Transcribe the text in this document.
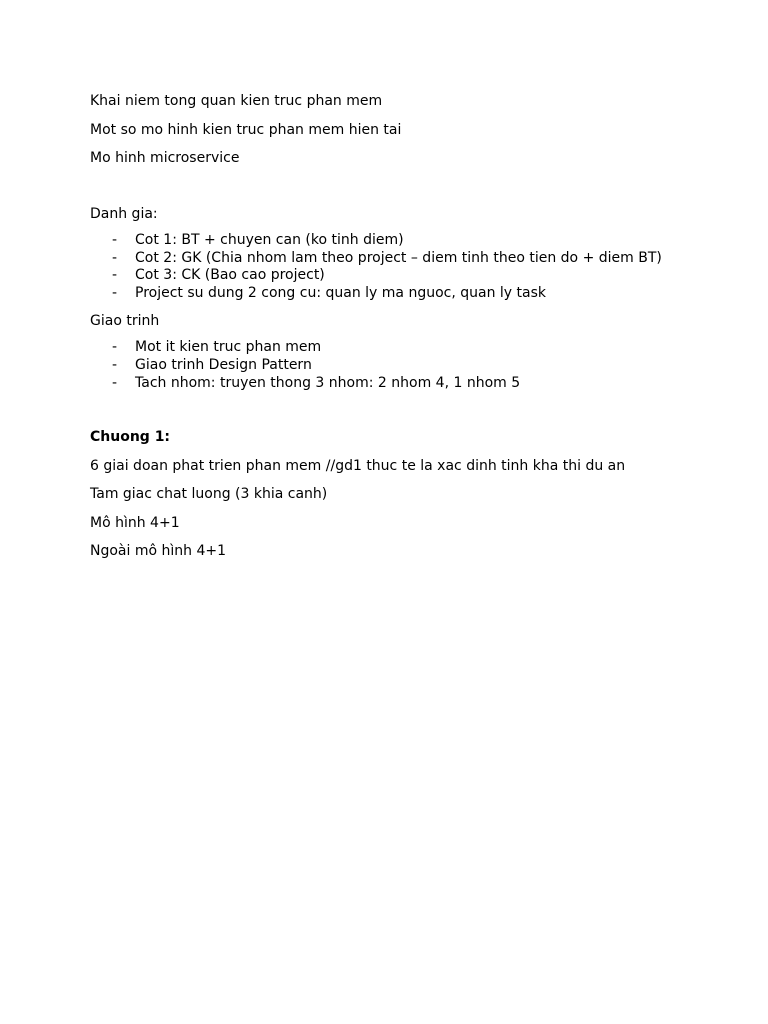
Khai niem tong quan kien truc phan mem

Mot so mo hinh kien truc phan mem hien tai

Mo hinh microservice

Danh gia:

- Cot 1: BT + chuyen can (ko tinh diem)
- Cot 2: GK (Chia nhom lam theo project – diem tinh theo tien do + diem BT)
- Cot 3: CK (Bao cao project)
- Project su dung 2 cong cu: quan ly ma nguoc, quan ly task

Giao trinh

- Mot it kien truc phan mem
- Giao trinh Design Pattern
- Tach nhom: truyen thong 3 nhom: 2 nhom 4, 1 nhom 5

Chuong 1:

6 giai doan phat trien phan mem //gd1 thuc te la xac dinh tinh kha thi du an

Tam giac chat luong (3 khia canh)

Mô hình 4+1

Ngoài mô hình 4+1
